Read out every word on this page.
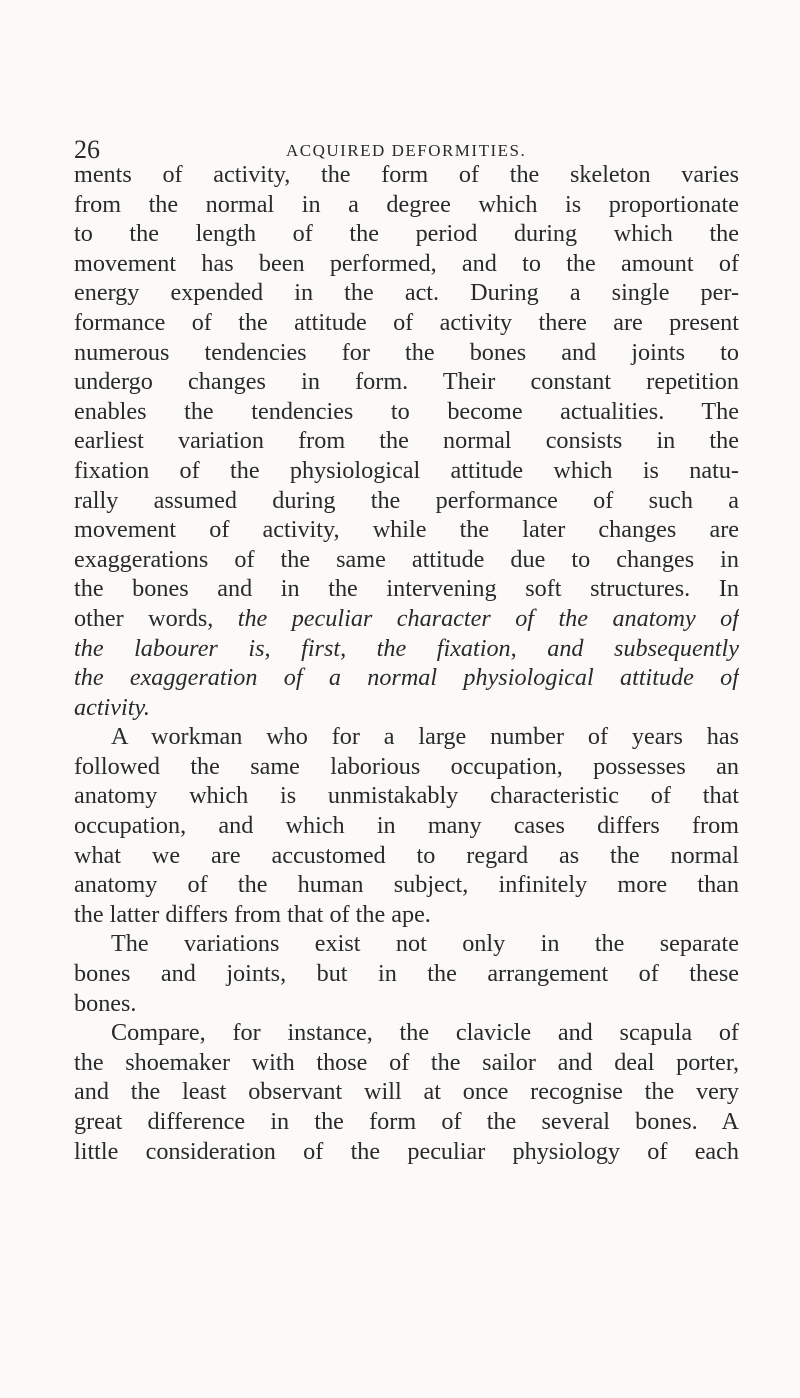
26	ACQUIRED DEFORMITIES.
ments of activity, the form of the skeleton varies
from the normal in a degree which is proportionate
to the length of the period during which the
movement has been performed, and to the amount of
energy expended in the act. During a single per-
formance of the attitude of activity there are present
numerous tendencies for the bones and joints to
undergo changes in form. Their constant repetition
enables the tendencies to become actualities. The
earliest variation from the normal consists in the
fixation of the physiological attitude which is natu-
rally assumed during the performance of such a
movement of activity, while the later changes are
exaggerations of the same attitude due to changes in
the bones and in the intervening soft structures. In
other words, the peculiar character of the anatomy of
the labourer is, first, the fixation, and subsequently
the exaggeration of a normal physiological attitude of
activity.
A workman who for a large number of years has
followed the same laborious occupation, possesses an
anatomy which is unmistakably characteristic of that
occupation, and which in many cases differs from
what we are accustomed to regard as the normal
anatomy of the human subject, infinitely more than
the latter differs from that of the ape.
The variations exist not only in the separate
bones and joints, but in the arrangement of these
bones.
Compare, for instance, the clavicle and scapula of
the shoemaker with those of the sailor and deal porter,
and the least observant will at once recognise the very
great difference in the form of the several bones. A
little consideration of the peculiar physiology of each
